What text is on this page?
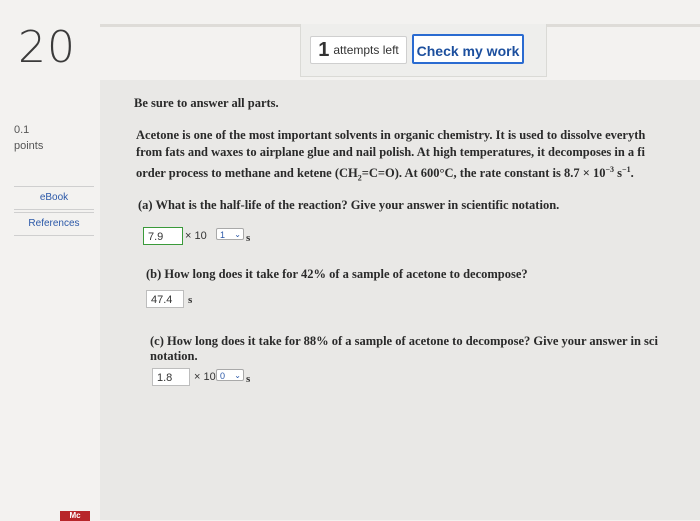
20	1 attempts left	Check my work
0.1
points
eBook
References
Be sure to answer all parts.
Acetone is one of the most important solvents in organic chemistry. It is used to dissolve everyth
from fats and waxes to airplane glue and nail polish. At high temperatures, it decomposes in a fi
order process to methane and ketene $(CH_2=C=O)$. At 600°C, the rate constant is $8.7 \times 10^{-3}$ $s^{-1}$.
(a) What is the half-life of the reaction? Give your answer in scientific notation.
7.9	× 10	1 ⌄ s
(b) How long does it take for 42% of a sample of acetone to decompose?
47.4	s
(c) How long does it take for 88% of a sample of acetone to decompose? Give your answer in sci
notation.
1.8	× 10 0 ⌄ s
Mc
